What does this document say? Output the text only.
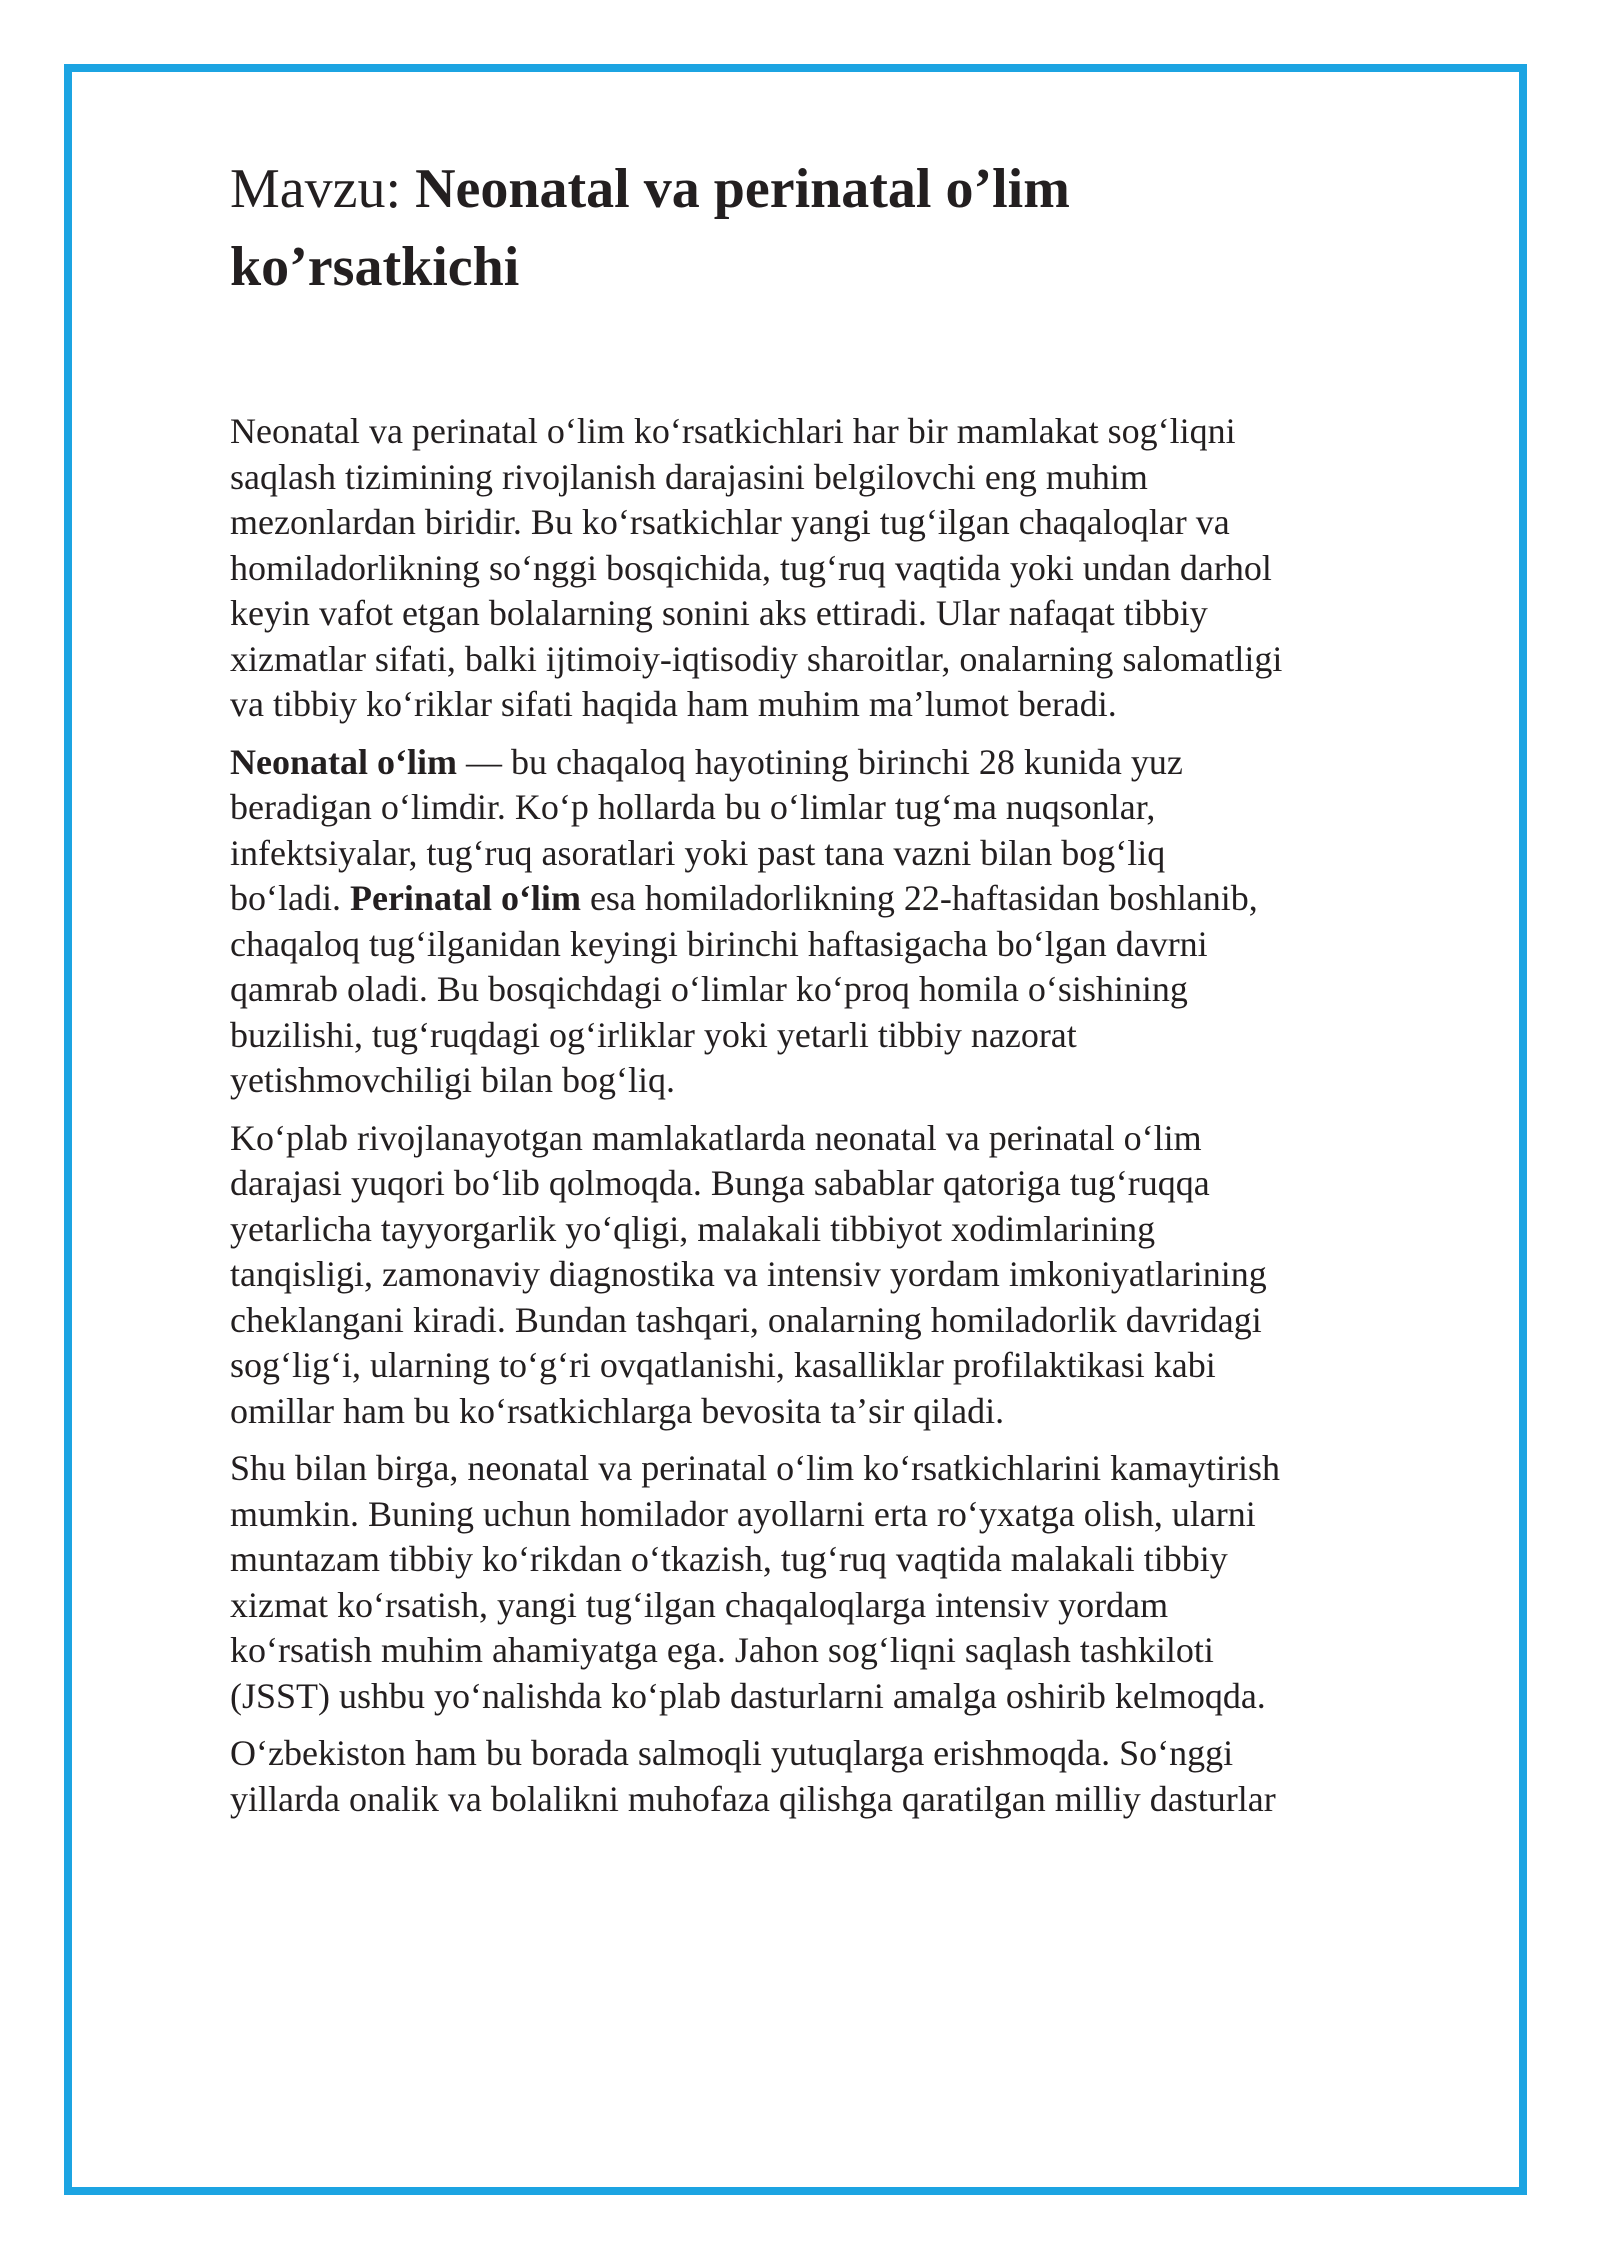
Mavzu: Neonatal va perinatal o’lim
ko’rsatkichi

Neonatal va perinatal oʻlim koʻrsatkichlari har bir mamlakat sogʻliqni
saqlash tizimining rivojlanish darajasini belgilovchi eng muhim
mezonlardan biridir. Bu koʻrsatkichlar yangi tugʻilgan chaqaloqlar va
homiladorlikning soʻnggi bosqichida, tugʻruq vaqtida yoki undan darhol
keyin vafot etgan bolalarning sonini aks ettiradi. Ular nafaqat tibbiy
xizmatlar sifati, balki ijtimoiy-iqtisodiy sharoitlar, onalarning salomatligi
va tibbiy koʻriklar sifati haqida ham muhim maʼlumot beradi.

Neonatal oʻlim — bu chaqaloq hayotining birinchi 28 kunida yuz
beradigan oʻlimdir. Koʻp hollarda bu oʻlimlar tugʻma nuqsonlar,
infektsiyalar, tugʻruq asoratlari yoki past tana vazni bilan bogʻliq
boʻladi. Perinatal oʻlim esa homiladorlikning 22-haftasidan boshlanib,
chaqaloq tugʻilganidan keyingi birinchi haftasigacha boʻlgan davrni
qamrab oladi. Bu bosqichdagi oʻlimlar koʻproq homila oʻsishining
buzilishi, tugʻruqdagi ogʻirliklar yoki yetarli tibbiy nazorat
yetishmovchiligi bilan bogʻliq.

Koʻplab rivojlanayotgan mamlakatlarda neonatal va perinatal oʻlim
darajasi yuqori boʻlib qolmoqda. Bunga sabablar qatoriga tugʻruqqa
yetarlicha tayyorgarlik yoʻqligi, malakali tibbiyot xodimlarining
tanqisligi, zamonaviy diagnostika va intensiv yordam imkoniyatlarining
cheklangani kiradi. Bundan tashqari, onalarning homiladorlik davridagi
sogʻligʻi, ularning toʻgʻri ovqatlanishi, kasalliklar profilaktikasi kabi
omillar ham bu koʻrsatkichlarga bevosita taʼsir qiladi.

Shu bilan birga, neonatal va perinatal oʻlim koʻrsatkichlarini kamaytirish
mumkin. Buning uchun homilador ayollarni erta roʻyxatga olish, ularni
muntazam tibbiy koʻrikdan oʻtkazish, tugʻruq vaqtida malakali tibbiy
xizmat koʻrsatish, yangi tugʻilgan chaqaloqlarga intensiv yordam
koʻrsatish muhim ahamiyatga ega. Jahon sogʻliqni saqlash tashkiloti
(JSST) ushbu yoʻnalishda koʻplab dasturlarni amalga oshirib kelmoqda.

Oʻzbekiston ham bu borada salmoqli yutuqlarga erishmoqda. Soʻnggi
yillarda onalik va bolalikni muhofaza qilishga qaratilgan milliy dasturlar
